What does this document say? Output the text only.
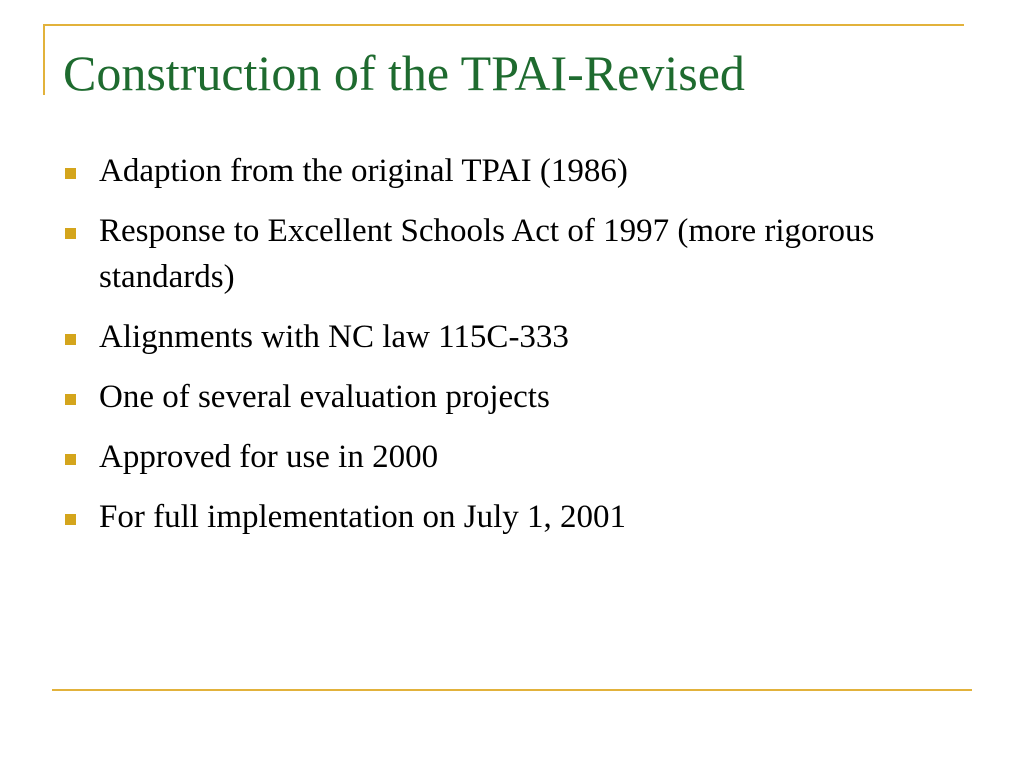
Construction of the TPAI-Revised
Adaption from the original TPAI (1986)
Response to Excellent Schools Act of 1997 (more rigorous standards)
Alignments with NC law 115C-333
One of several evaluation projects
Approved for use in 2000
For full implementation on July 1, 2001
